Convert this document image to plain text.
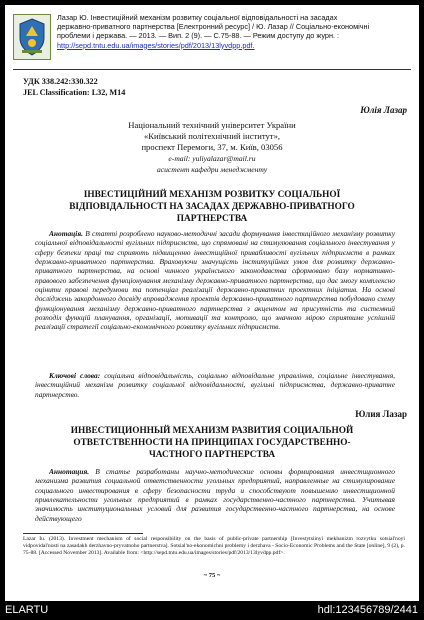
Лазар Ю. Інвестиційний механізм розвитку соціальної відповідальності на засадах
державно-приватного партнерства [Електронний ресурс] / Ю. Лазар // Соціально-економічні
проблеми і держава. — 2013. — Вип. 2 (9). — С.75-88. — Режим доступу до журн. :
http://sepd.tntu.edu.ua/images/stories/pdf/2013/13lyvdpp.pdf.
УДК 338.242:330.322
JEL Classification: L32, M14
Юлія Лазар
Національний технічний університет України
«Київський політехнічний інститут»,
проспект Перемоги, 37, м. Київ, 03056
e-mail: yuliyalazar@mail.ru
асистент кафедри менеджменту
ІНВЕСТИЦІЙНИЙ МЕХАНІЗМ РОЗВИТКУ СОЦІАЛЬНОЇ
ВІДПОВІДАЛЬНОСТІ НА ЗАСАДАХ ДЕРЖАВНО-ПРИВАТНОГО
ПАРТНЕРСТВА
Анотація. В статті розроблено науково-методичні засади формування інвестиційного механізму розвитку соціальної відповідальності вугільних підприємств, що спрямовані на стимулювання соціального інвестування у сферу безпеки праці та сприяють підвищенню інвестиційної привабливості вугільних підприємств в рамках державно-приватного партнерства. Враховуючи значущість інституційних умов для розвитку державно-приватного партнерства, на основі чинного українського законодавства сформовано базу нормативно-правового забезпечення функціонування механізму державно-приватного партнерства, що дає змогу комплексно оцінити правові передумови та потенціал реалізації державно-приватних проектних ініціатив. На основі досліджень закордонного досвіду впровадження проектів державно-приватного партнерства побудовано схему функціонування механізму державно-приватного партнерства з акцентом на присутність та системний розподіл функцій планування, організації, мотивації та контролю, що значною мірою сприятиме успішній реалізації стратегії соціально-економічного розвитку вугільних підприємств.
Ключові слова: соціальна відповідальність, соціально відповідальне управління, соціальне інвестування, інвестиційний механізм розвитку соціальної відповідальності, вугільні підприємства, державно-приватне партнерство.
Юлия Лазар
ИНВЕСТИЦИОННЫЙ МЕХАНИЗМ РАЗВИТИЯ СОЦИАЛЬНОЙ
ОТВЕТСТВЕННОСТИ НА ПРИНЦИПАХ ГОСУДАРСТВЕННО-
ЧАСТНОГО ПАРТНЕРСТВА
Аннотация. В статье разработаны научно-методические основы формирования инвестиционного механизма развития социальной ответственности угольных предприятий, направленные на стимулирование социального инвестирования в сферу безопасности труда и способствуют повышению инвестиционной привлекательности угольных предприятий в рамках государственно-частного партнерства. Учитывая значимость институциональных условий для развития государственно-частного партнерства, на основе действующего
Lazar Iu. (2013). Investment mechanism of social responsibility on the basis of public-private partnership [Investytsiinyi mekhanizm rozvytku sotsial'noyi vidpovidal'nosti na zasadakh derzhavno-pryvatnoho partnerstva]. Sotsial'no-ekonomichni problemy i derzhava - Socio-Economic Problems and the State [online], 9 (2), p. 75-88. [Accessed November 2013]. Available from: <http://sepd.tntu.edu.ua/images/stories/pdf/2013/13lyvdpp.pdf>.
~ 75 ~
ELARTU	hdl:123456789/2441
